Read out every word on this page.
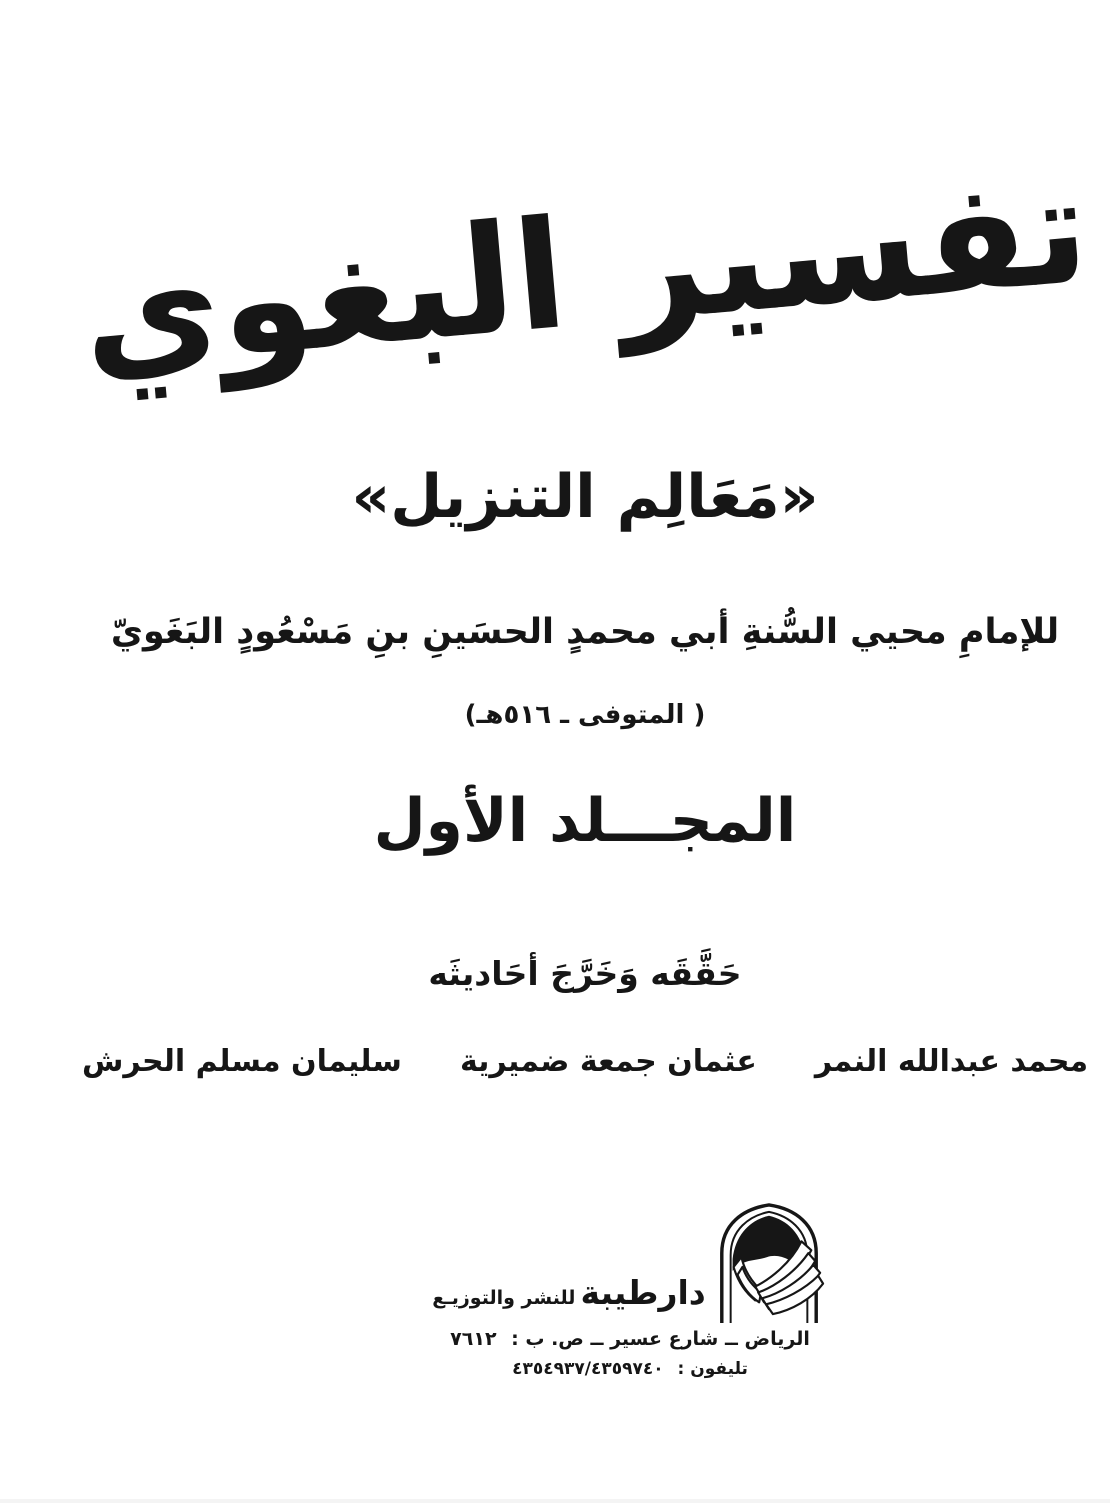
تفسير البغوي
«مَعَالِم التنزيل»
للإمامِ محيي السُّنةِ أبي محمدٍ الحسَينِ بنِ مَسْعُودٍ البَغَويّ
( المتوفى ـ ٥١٦هـ)
المجـــلد الأول
حَقَّقَه وَخَرَّجَ أحَاديثَه
محمد عبدالله النمر
عثمان جمعة ضميرية
سليمان مسلم الحرش
دارطيبة للنشر والتوزيـع
الرياض ــ شارع عسير ــ ص. ب : ٧٦١٢
تليفون : ٤٣٥٤٩٣٧/٤٣٥٩٧٤٠
